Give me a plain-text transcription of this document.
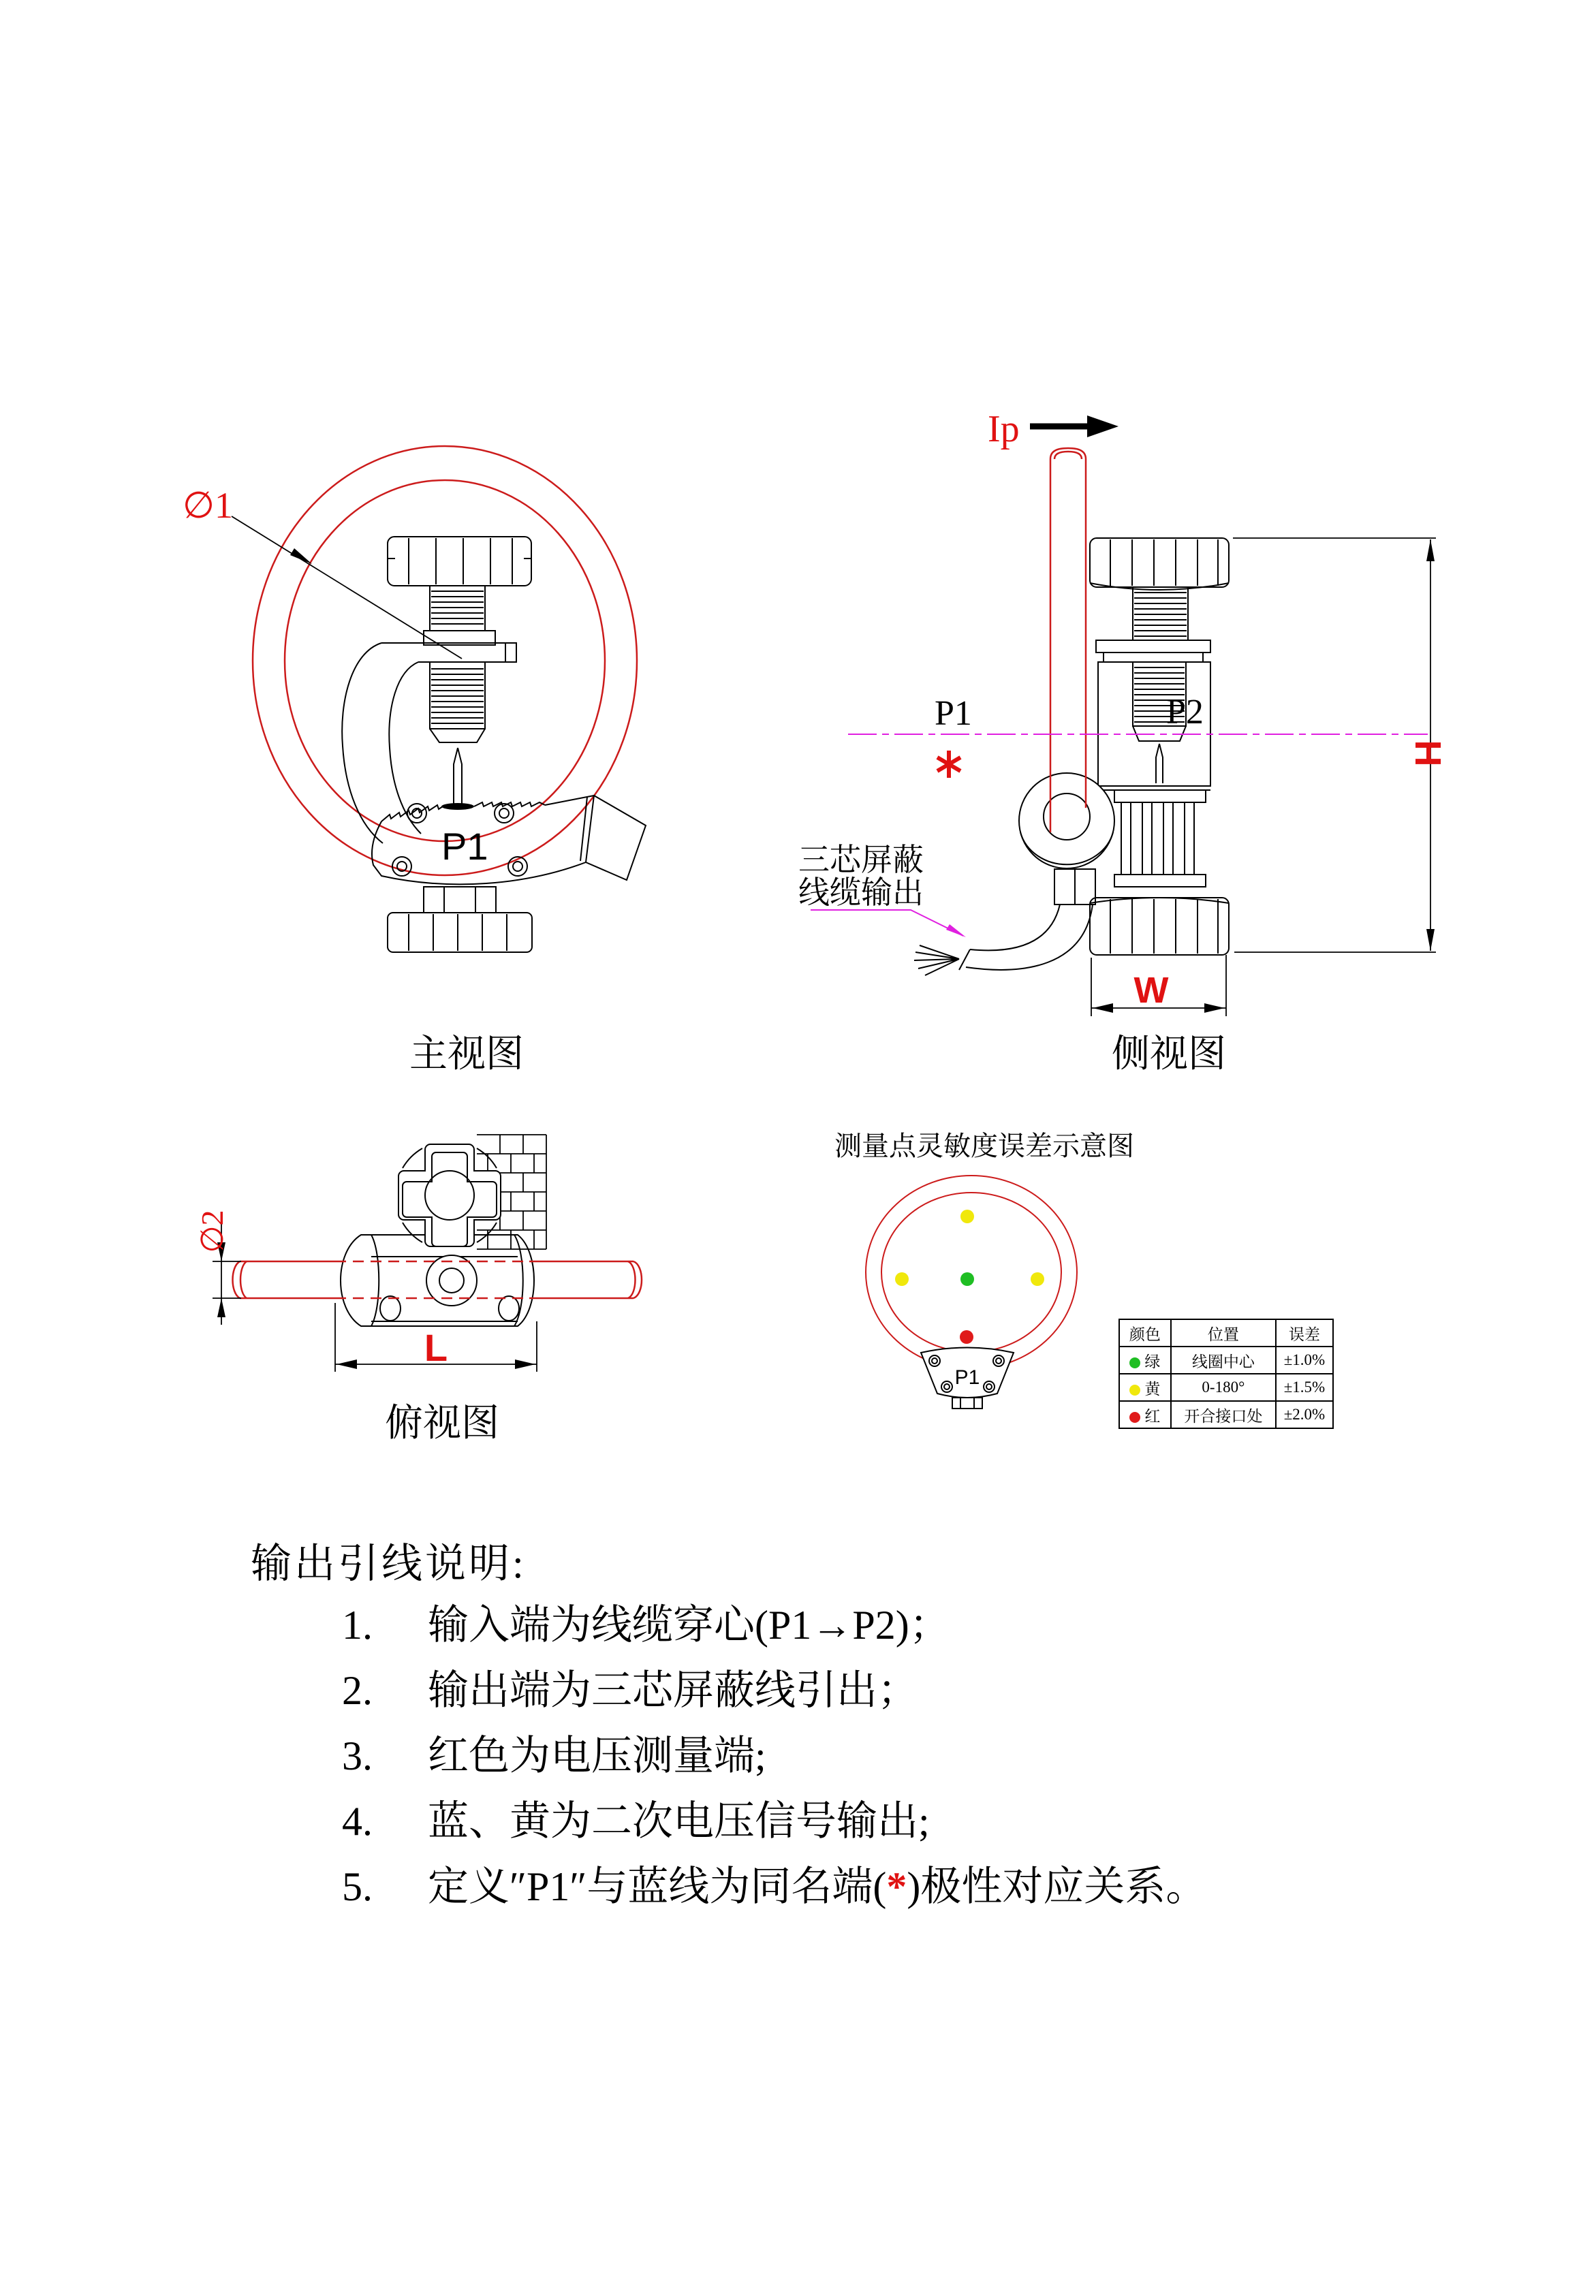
∅1
P1
主视图
Ip
P1	P2
三芯屏蔽
线缆输出
H
W
侧视图
∅2
L
俯视图
测量点灵敏度误差示意图
P1
颜色	位置	误差
绿	线圈中心	±1.0%
黄	0-180°	±1.5%
红	开合接口处	±2.0%
输出引线说明:
1. 输入端为线缆穿心(P1→P2)；
2. 输出端为三芯屏蔽线引出；
3. 红色为电压测量端;
4. 蓝、黄为二次电压信号输出;
5. 定义″P1″与蓝线为同名端(*)极性对应关系。
